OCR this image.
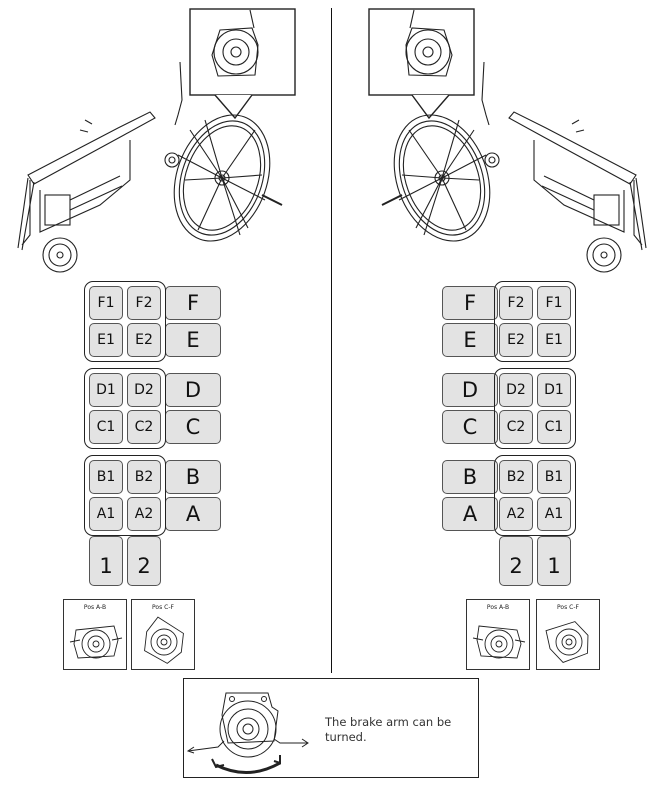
F1	F2	F
E1	E2	E
D1	D2	D
C1	C2	C
B1	B2	B
A1	A2	A
1	2
F	F2	F1
E	E2	E1
D	D2	D1
C	C2	C1
B	B2	B1
A	A2	A1
2	1
Pos A-B	Pos C-F	Pos A-B	Pos C-F
The brake arm can be turned.
